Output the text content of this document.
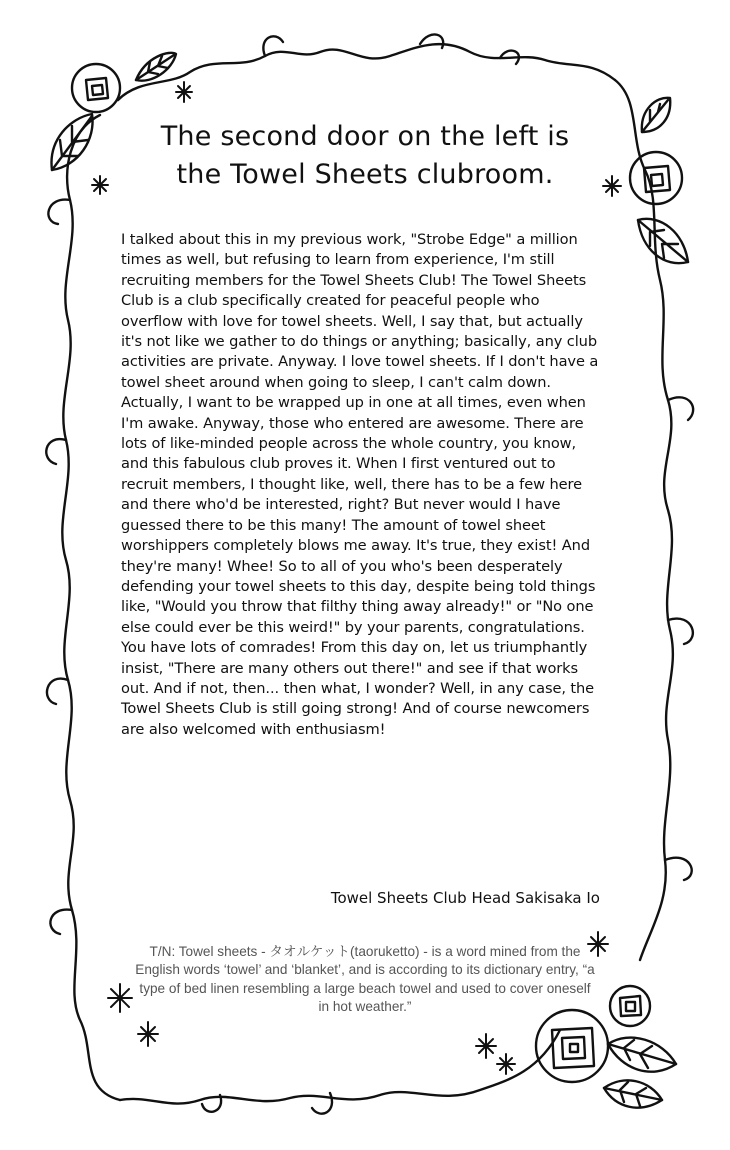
The second door on the left is
the Towel Sheets clubroom.

I talked about this in my previous work, "Strobe Edge" a million times as well, but refusing to learn from experience, I'm still recruiting members for the Towel Sheets Club! The Towel Sheets Club is a club specifically created for peaceful people who overflow with love for towel sheets. Well, I say that, but actually it's not like we gather to do things or anything; basically, any club activities are private. Anyway. I love towel sheets. If I don't have a towel sheet around when going to sleep, I can't calm down. Actually, I want to be wrapped up in one at all times, even when I'm awake. Anyway, those who entered are awesome. There are lots of like-minded people across the whole country, you know, and this fabulous club proves it. When I first ventured out to recruit members, I thought like, well, there has to be a few here and there who'd be interested, right? But never would I have guessed there to be this many! The amount of towel sheet worshippers completely blows me away. It's true, they exist! And they're many! Whee! So to all of you who's been desperately defending your towel sheets to this day, despite being told things like, "Would you throw that filthy thing away already!" or "No one else could ever be this weird!" by your parents, congratulations. You have lots of comrades! From this day on, let us triumphantly insist, "There are many others out there!" and see if that works out. And if not, then... then what, I wonder? Well, in any case, the Towel Sheets Club is still going strong! And of course newcomers are also welcomed with enthusiasm!

Towel Sheets Club Head Sakisaka Io

T/N: Towel sheets - タオルケット(taoruketto) - is a word mined from the English words ‘towel’ and ‘blanket’, and is according to its dictionary entry, “a type of bed linen resembling a large beach towel and used to cover oneself in hot weather.”
